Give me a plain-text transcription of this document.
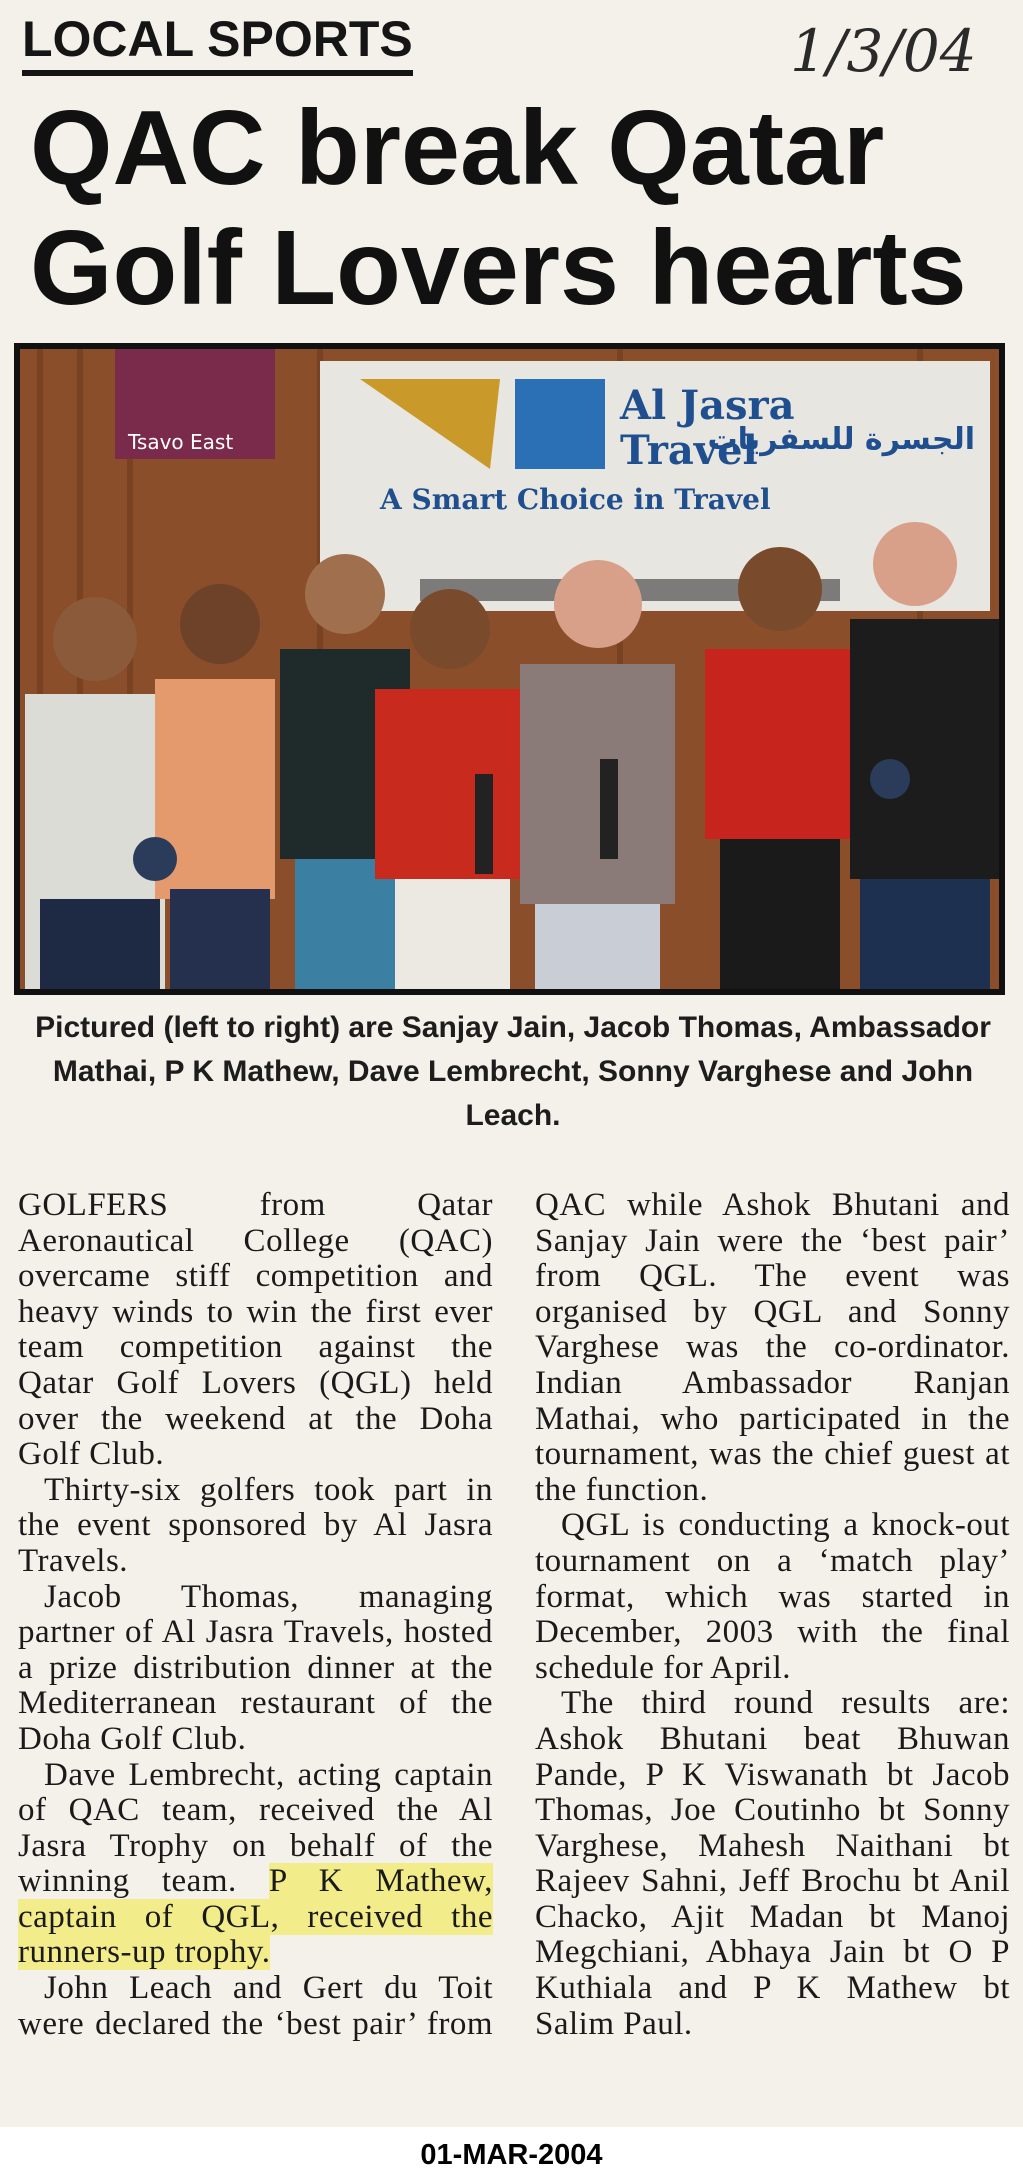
LOCAL SPORTS	1/3/04
QAC break Qatar
Golf Lovers hearts
Tsavo East
Al Jasra
Travel
الجسرة للسفريات
A Smart Choice in Travel
Pictured (left to right) are Sanjay Jain, Jacob Thomas, Ambassador Mathai, P K Mathew, Dave Lembrecht, Sonny Varghese and John Leach.

GOLFERS from Qatar Aeronautical College (QAC) overcame stiff competition and heavy winds to win the first ever team competition against the Qatar Golf Lovers (QGL) held over the weekend at the Doha Golf Club.

Thirty-six golfers took part in the event sponsored by Al Jasra Travels.

Jacob Thomas, managing partner of Al Jasra Travels, hosted a prize distribution dinner at the Mediterranean restaurant of the Doha Golf Club.

Dave Lembrecht, acting captain of QAC team, received the Al Jasra Trophy on behalf of the winning team. P K Mathew, captain of QGL, received the runners-up trophy.

John Leach and Gert du Toit were declared the ‘best pair’ from QAC while Ashok Bhutani and Sanjay Jain were the ‘best pair’ from QGL. The event was organised by QGL and Sonny Varghese was the co-ordinator. Indian Ambassador Ranjan Mathai, who participated in the tournament, was the chief guest at the function.

QGL is conducting a knock-out tournament on a ‘match play’ format, which was started in December, 2003 with the final schedule for April.

The third round results are: Ashok Bhutani beat Bhuwan Pande, P K Viswanath bt Jacob Thomas, Joe Coutinho bt Sonny Varghese, Mahesh Naithani bt Rajeev Sahni, Jeff Brochu bt Anil Chacko, Ajit Madan bt Manoj Megchiani, Abhaya Jain bt O P Kuthiala and P K Mathew bt Salim Paul.

01-MAR-2004
